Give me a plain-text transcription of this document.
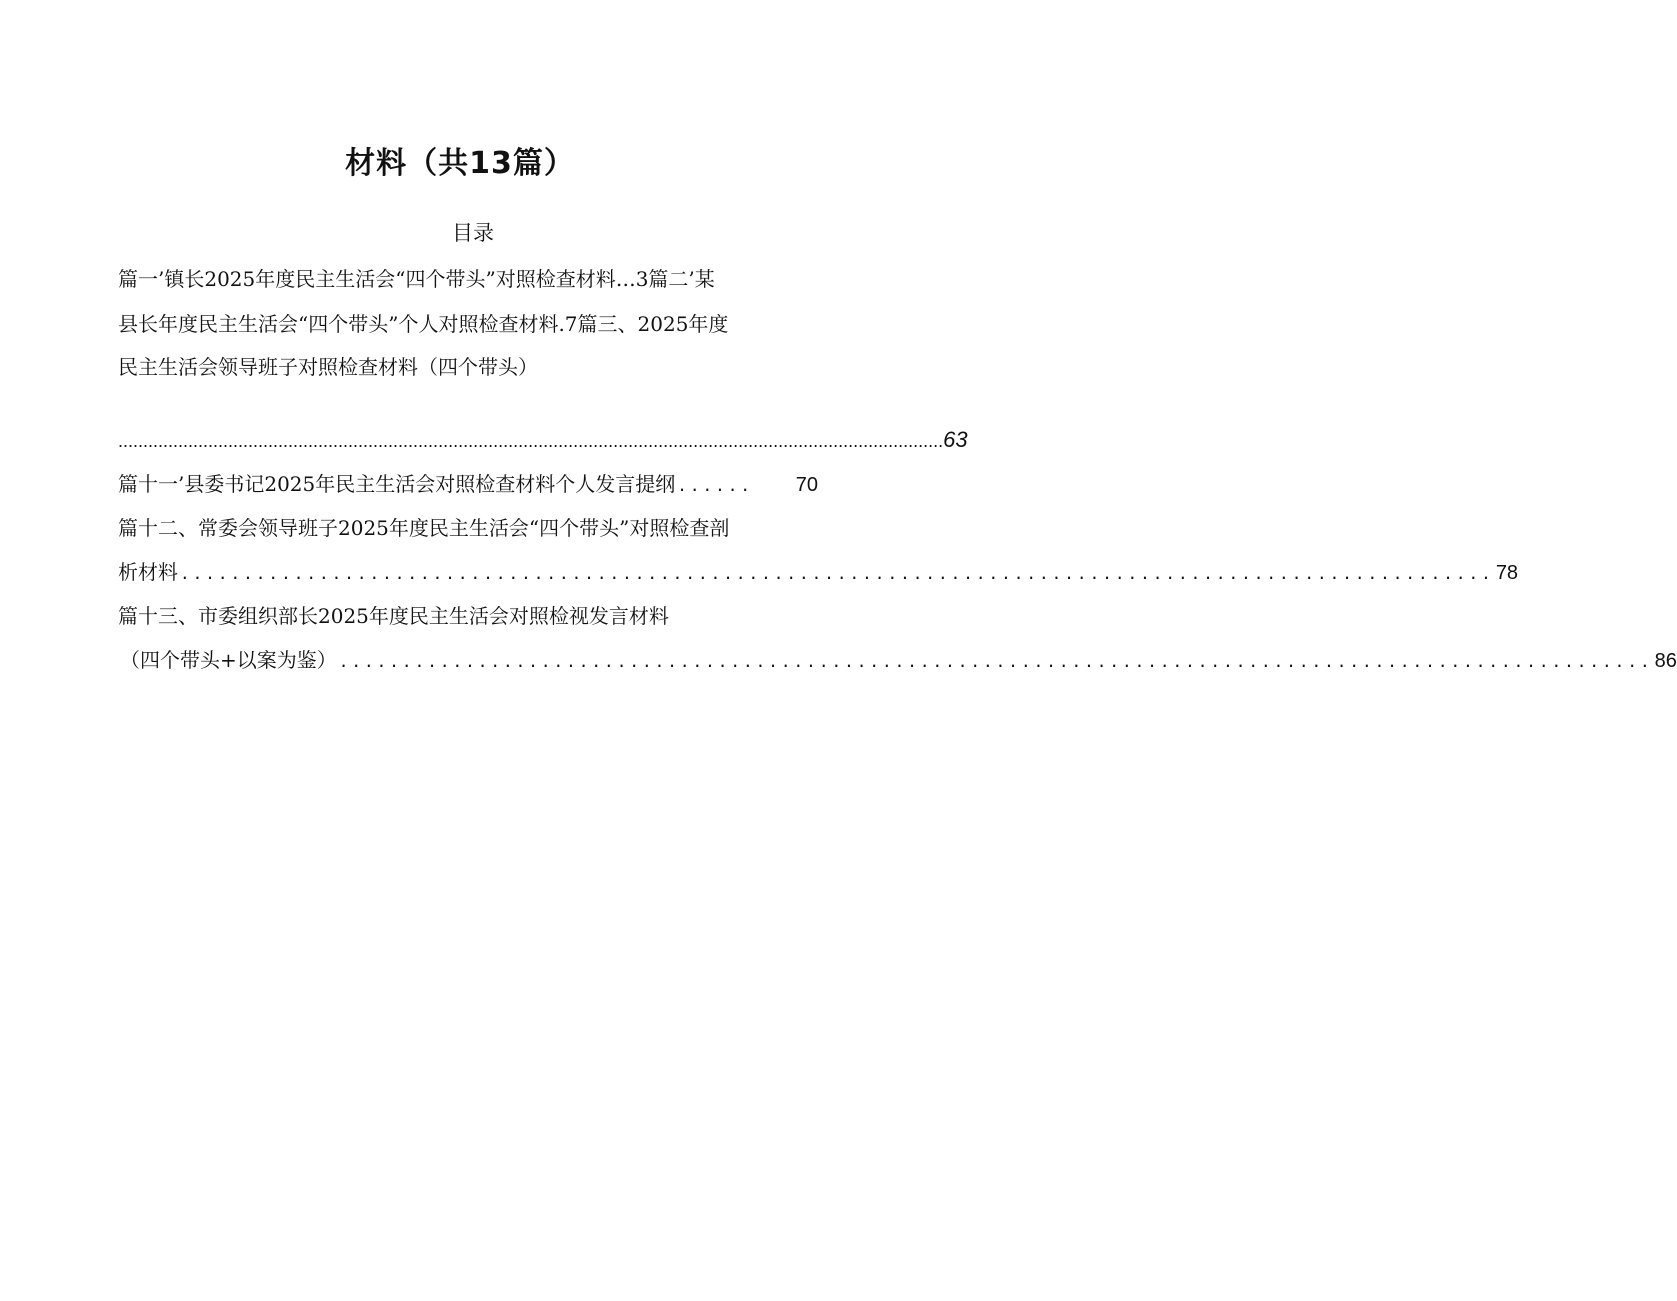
材料（共13篇）
目录
篇一’镇长2025年度民主生活会“四个带头”对照检查材料…3篇二’某
县长年度民主生活会“四个带头”个人对照检查材料.7篇三、2025年度
民主生活会领导班子对照检查材料（四个带头）
..................................................................................................................................................................... 63
篇十一’县委书记2025年民主生活会对照检查材料个人发言提纲 ......	70
篇十二、常委会领导班子2025年度民主生活会“四个带头”对照检查剖
析材料 ........................................................................................................ 78
篇十三、市委组织部长2025年度民主生活会对照检视发言材料
（四个带头+以案为鉴） ........................................................................................................ 86
